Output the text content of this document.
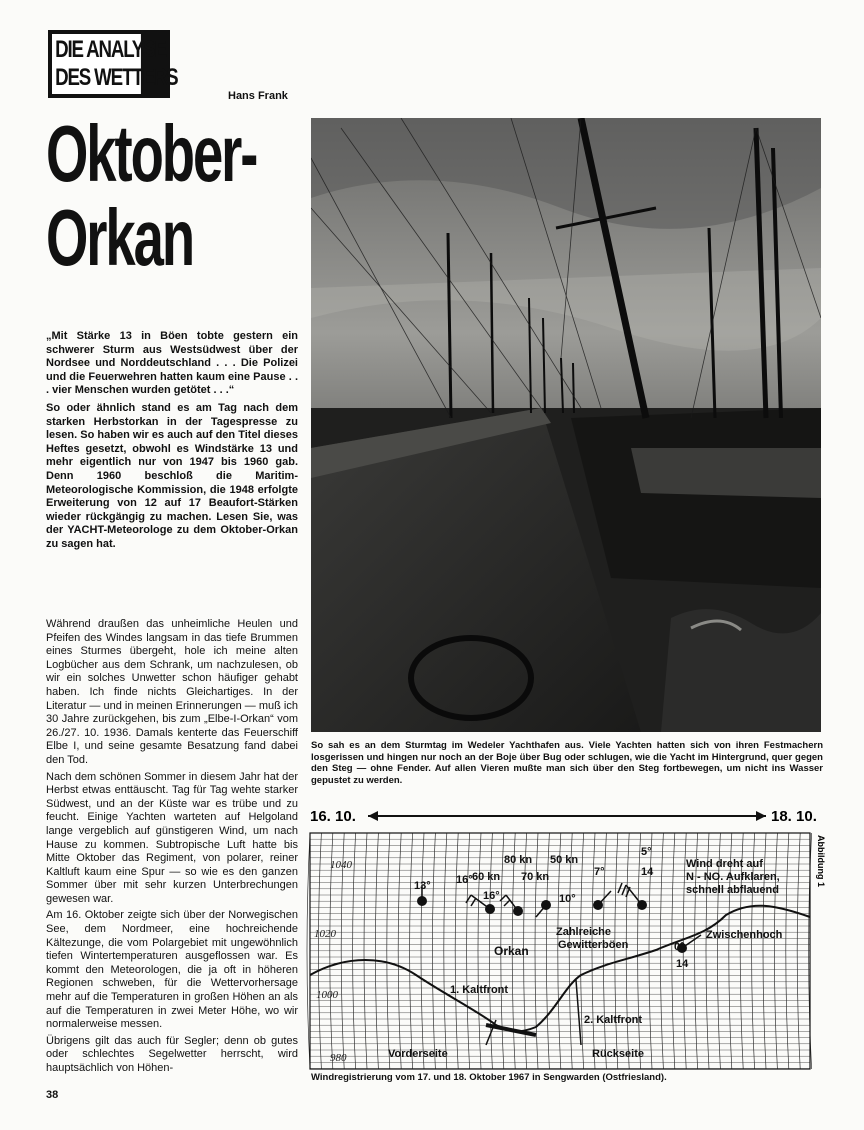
DIE ANALYSE
DES WETTERS
Hans Frank
Oktober-
Orkan

„Mit Stärke 13 in Böen tobte gestern ein schwerer Sturm aus Westsüdwest über der Nordsee und Norddeutschland . . . Die Polizei und die Feuerwehren hatten kaum eine Pause . . . vier Menschen wurden getötet . . .“

So oder ähnlich stand es am Tag nach dem starken Herbstorkan in der Tagespresse zu lesen. So haben wir es auch auf den Titel dieses Heftes gesetzt, obwohl es Windstärke 13 und mehr eigentlich nur von 1947 bis 1960 gab. Denn 1960 beschloß die Maritim-Meteorologische Kommission, die 1948 erfolgte Erweiterung von 12 auf 17 Beaufort-Stärken wieder rückgängig zu machen. Lesen Sie, was der YACHT-Meteorologe zu dem Oktober-Orkan zu sagen hat.

Während draußen das unheimliche Heulen und Pfeifen des Windes langsam in das tiefe Brummen eines Sturmes übergeht, hole ich meine alten Logbücher aus dem Schrank, um nachzulesen, ob wir ein solches Unwetter schon häufiger gehabt haben. Ich finde nichts Gleichartiges. In der Literatur — und in meinen Erinnerungen — muß ich 30 Jahre zurückgehen, bis zum „Elbe-I-Orkan“ vom 26./27. 10. 1936. Damals kenterte das Feuerschiff Elbe I, und seine gesamte Besatzung fand dabei den Tod.

Nach dem schönen Sommer in diesem Jahr hat der Herbst etwas enttäuscht. Tag für Tag wehte starker Südwest, und an der Küste war es trübe und zu feucht. Einige Yachten warteten auf Helgoland lange vergeblich auf günstigeren Wind, um nach Hause zu kommen. Subtropische Luft hatte bis Mitte Oktober das Regiment, von polarer, reiner Kaltluft kaum eine Spur — so wie es den ganzen Sommer über mit sehr kurzen Unterbrechungen gewesen war.

Am 16. Oktober zeigte sich über der Norwegischen See, dem Nordmeer, eine hochreichende Kältezunge, die vom Polargebiet mit ungewöhnlich tiefen Wintertemperaturen ausgeflossen war. Es kommt den Meteorologen, die ja oft in höheren Regionen schweben, für die Wettervorhersage mehr auf die Temperaturen in großen Höhen an als auf die Temperaturen in zwei Meter Höhe, wo wir normalerweise messen.

Übrigens gilt das auch für Segler; denn ob gutes oder schlechtes Segelwetter herrscht, wird hauptsächlich von Höhen-

38
So sah es an dem Sturmtag im Wedeler Yachthafen aus. Viele Yachten hatten sich von ihren Festmachern losgerissen und hingen nur noch an der Boje über Bug oder schlugen, wie die Yacht im Hintergrund, quer gegen den Steg — ohne Fender. Auf allen Vieren mußte man sich über den Steg fortbewegen, um nicht ins Wasser gepustet zu werden.
16. 10.	18. 10.
Abbildung 1
1040
1020
1000
980
80 kn 50 kn
60 kn 70 kn
13° 16°
16°	10°
7°	14
5°
14
0°
Orkan
1. Kaltfront
2. Kaltfront
Vorderseite	Rückseite
Zahlreiche
Gewitterböen
Zwischenhoch
Wind dreht auf
N - NO. Aufklaren,
schnell abflauend
Windregistrierung vom 17. und 18. Oktober 1967 in Sengwarden (Ostfriesland).
